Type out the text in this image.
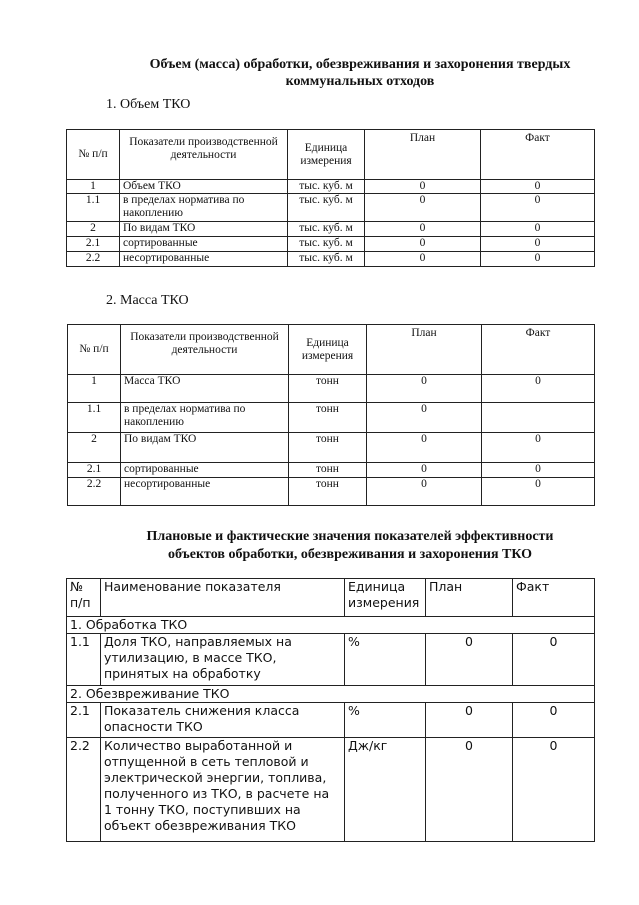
Объем (масса) обработки, обезвреживания и захоронения твердых
коммунальных отходов
1. Объем ТКО
№ п/п	Показатели производственной деятельности	Единица измерения	План	Факт
1	Объем ТКО	тыс. куб. м	0	0
1.1	в пределах норматива по накоплению	тыс. куб. м	0	0
2	По видам ТКО	тыс. куб. м	0	0
2.1	сортированные	тыс. куб. м	0	0
2.2	несортированные	тыс. куб. м	0	0
2. Масса ТКО
№ п/п	Показатели производственной деятельности	Единица измерения	План	Факт
1	Масса ТКО	тонн	0	0
1.1	в пределах норматива по накоплению	тонн	0	
2	По видам ТКО	тонн	0	0
2.1	сортированные	тонн	0	0
2.2	несортированные	тонн	0	0
Плановые и фактические значения показателей эффективности
объектов обработки, обезвреживания и захоронения ТКО
№ п/п	Наименование показателя	Единица измерения	План	Факт
1. Обработка ТКО				
1.1	Доля ТКО, направляемых на утилизацию, в массе ТКО, принятых на обработку	%	0	0
2. Обезвреживание ТКО				
2.1	Показатель снижения класса опасности ТКО	%	0	0
2.2	Количество выработанной и отпущенной в сеть тепловой и электрической энергии, топлива, полученного из ТКО, в расчете на 1 тонну ТКО, поступивших на объект обезвреживания ТКО	Дж/кг	0	0
